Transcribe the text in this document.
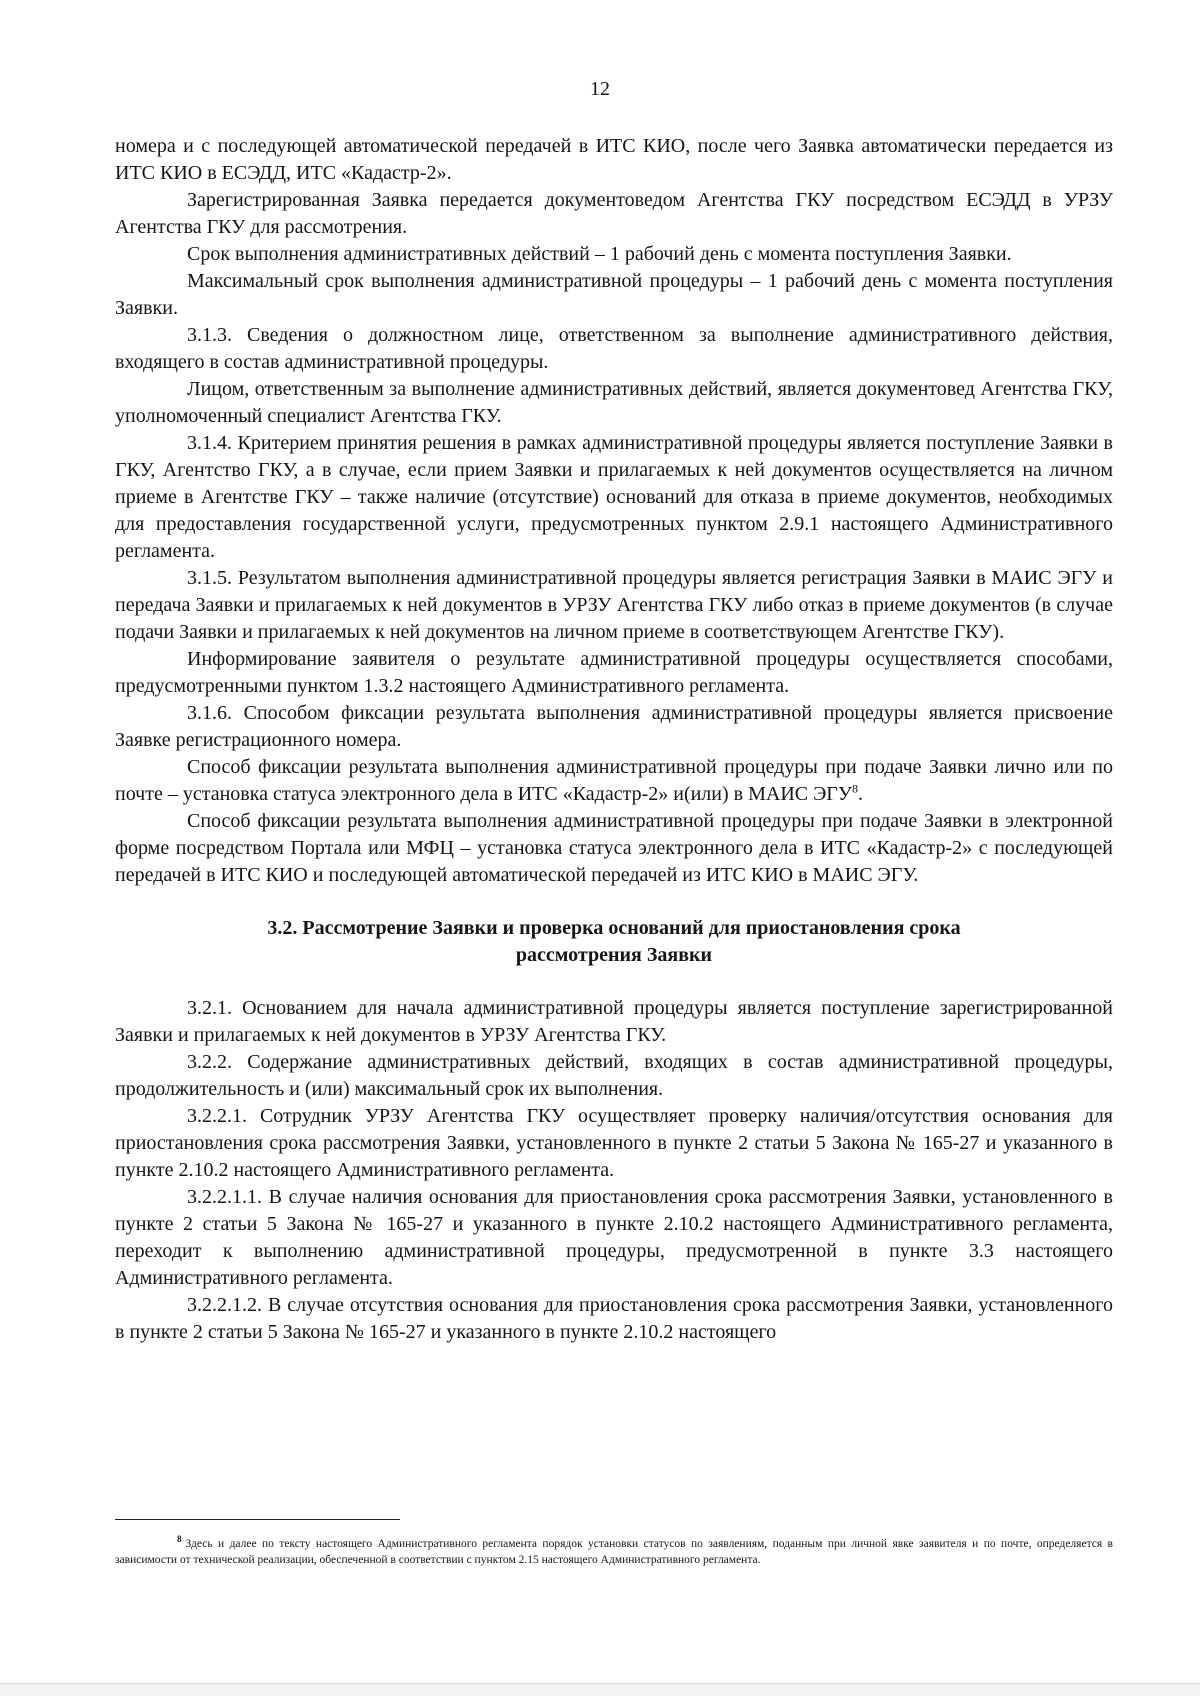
12

номера и с последующей автоматической передачей в ИТС КИО, после чего Заявка автоматически передается из ИТС КИО в ЕСЭДД, ИТС «Кадастр-2».

Зарегистрированная Заявка передается документоведом Агентства ГКУ посредством ЕСЭДД в УРЗУ Агентства ГКУ для рассмотрения.

Срок выполнения административных действий – 1 рабочий день с момента поступления Заявки.

Максимальный срок выполнения административной процедуры – 1 рабочий день с момента поступления Заявки.

3.1.3. Сведения о должностном лице, ответственном за выполнение административного действия, входящего в состав административной процедуры.

Лицом, ответственным за выполнение административных действий, является документовед Агентства ГКУ, уполномоченный специалист Агентства ГКУ.

3.1.4. Критерием принятия решения в рамках административной процедуры является поступление Заявки в ГКУ, Агентство ГКУ, а в случае, если прием Заявки и прилагаемых к ней документов осуществляется на личном приеме в Агентстве ГКУ – также наличие (отсутствие) оснований для отказа в приеме документов, необходимых для предоставления государственной услуги, предусмотренных пунктом 2.9.1 настоящего Административного регламента.

3.1.5. Результатом выполнения административной процедуры является регистрация Заявки в МАИС ЭГУ и передача Заявки и прилагаемых к ней документов в УРЗУ Агентства ГКУ либо отказ в приеме документов (в случае подачи Заявки и прилагаемых к ней документов на личном приеме в соответствующем Агентстве ГКУ).

Информирование заявителя о результате административной процедуры осуществляется способами, предусмотренными пунктом 1.3.2 настоящего Административного регламента.

3.1.6. Способом фиксации результата выполнения административной процедуры является присвоение Заявке регистрационного номера.

Способ фиксации результата выполнения административной процедуры при подаче Заявки лично или по почте – установка статуса электронного дела в ИТС «Кадастр-2» и(или) в МАИС ЭГУ$^8$.

Способ фиксации результата выполнения административной процедуры при подаче Заявки в электронной форме посредством Портала или МФЦ – установка статуса электронного дела в ИТС «Кадастр-2» с последующей передачей в ИТС КИО и последующей автоматической передачей из ИТС КИО в МАИС ЭГУ.

3.2. Рассмотрение Заявки и проверка оснований для приостановления срока рассмотрения Заявки

3.2.1. Основанием для начала административной процедуры является поступление зарегистрированной Заявки и прилагаемых к ней документов в УРЗУ Агентства ГКУ.

3.2.2. Содержание административных действий, входящих в состав административной процедуры, продолжительность и (или) максимальный срок их выполнения.

3.2.2.1. Сотрудник УРЗУ Агентства ГКУ осуществляет проверку наличия/отсутствия основания для приостановления срока рассмотрения Заявки, установленного в пункте 2 статьи 5 Закона № 165-27 и указанного в пункте 2.10.2 настоящего Административного регламента.

3.2.2.1.1. В случае наличия основания для приостановления срока рассмотрения Заявки, установленного в пункте 2 статьи 5 Закона № 165-27 и указанного в пункте 2.10.2 настоящего Административного регламента, переходит к выполнению административной процедуры, предусмотренной в пункте 3.3 настоящего Административного регламента.

3.2.2.1.2. В случае отсутствия основания для приостановления срока рассмотрения Заявки, установленного в пункте 2 статьи 5 Закона № 165-27 и указанного в пункте 2.10.2 настоящего

$^8$ Здесь и далее по тексту настоящего Административного регламента порядок установки статусов по заявлениям, поданным при личной явке заявителя и по почте, определяется в зависимости от технической реализации, обеспеченной в соответствии с пунктом 2.15 настоящего Административного регламента.
